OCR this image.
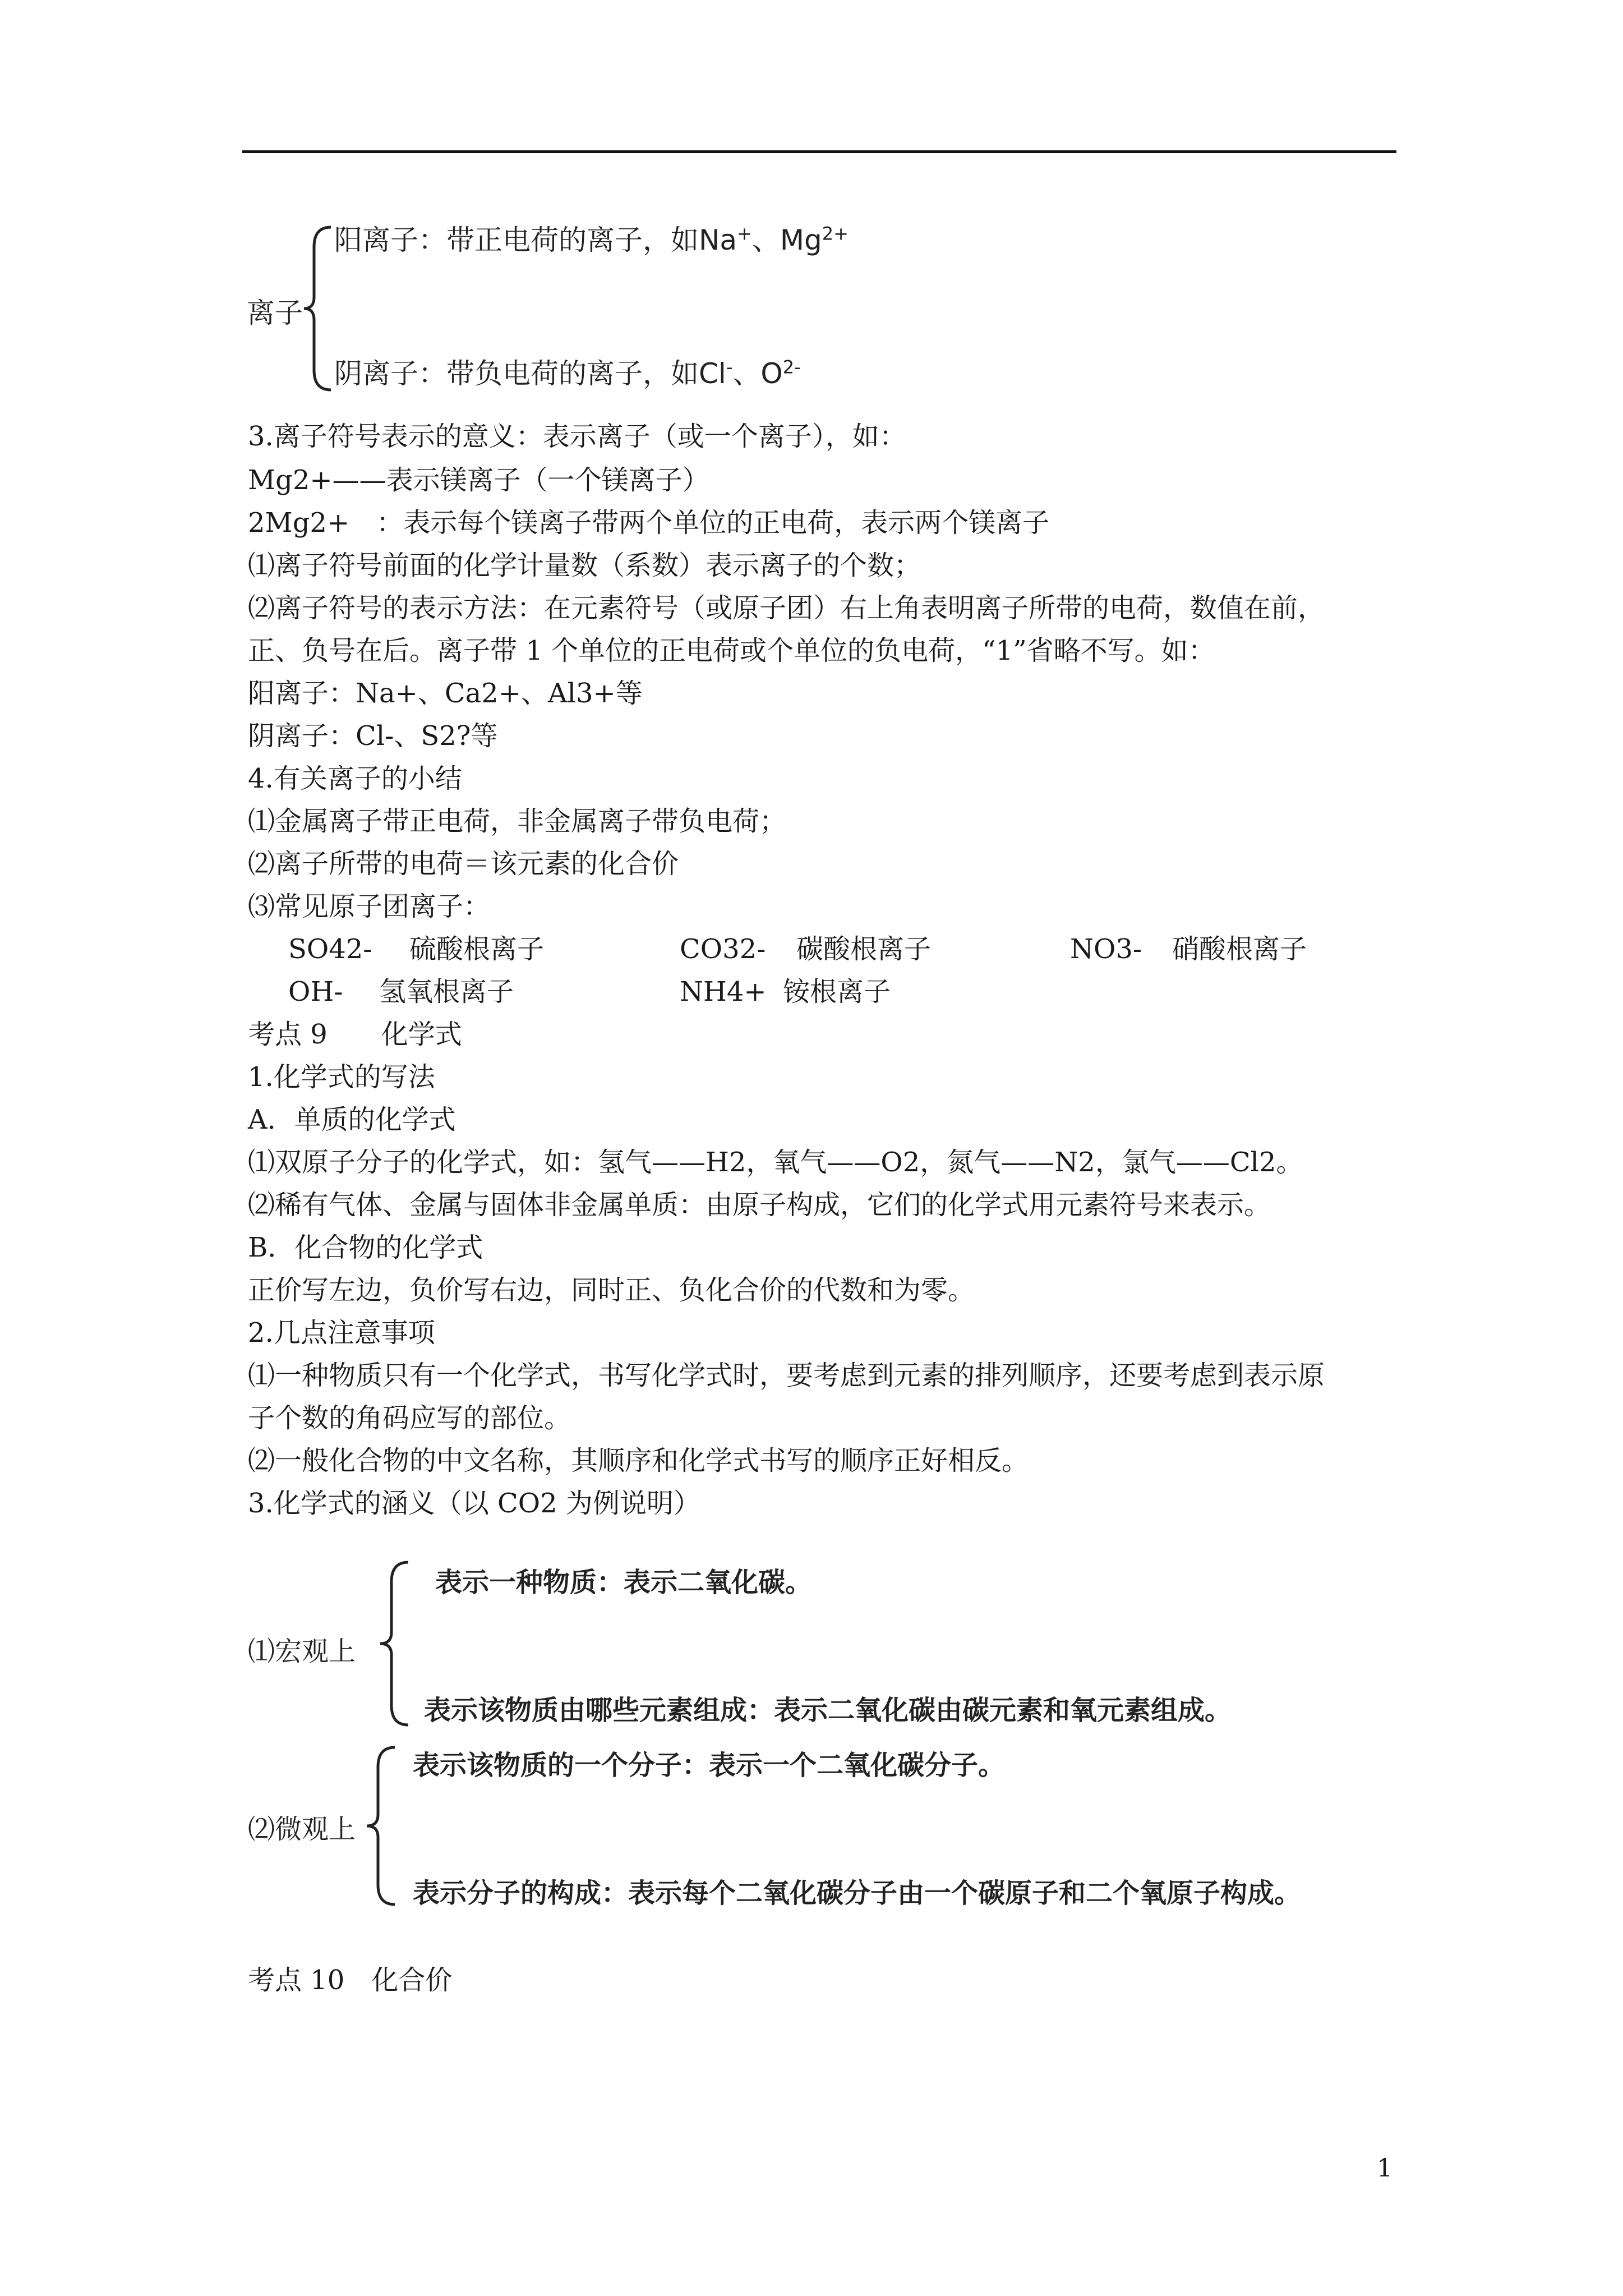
离子
阳离子：带正电荷的离子，如Na+、$Mg^{2+}$
阴离子：带负电荷的离子，如Cl-、$O^{2-}$
3.离子符号表示的意义：表示离子（或一个离子），如：
Mg2+——表示镁离子（一个镁离子）
2Mg2+　：表示每个镁离子带两个单位的正电荷，表示两个镁离子
⑴离子符号前面的化学计量数（系数）表示离子的个数；
⑵离子符号的表示方法：在元素符号（或原子团）右上角表明离子所带的电荷，数值在前，
正、负号在后。离子带 1 个单位的正电荷或个单位的负电荷，“1”省略不写。如：
阳离子：Na+、Ca2+、Al3+等
阴离子：Cl-、S2?等
4.有关离子的小结
⑴金属离子带正电荷，非金属离子带负电荷；
⑵离子所带的电荷＝该元素的化合价
⑶常见原子团离子：
SO42- 硫酸根离子	CO32- 碳酸根离子	NO3- 硝酸根离子
OH- 氢氧根离子	NH4+ 铵根离子
考点 9　　化学式
1.化学式的写法
A．单质的化学式
⑴双原子分子的化学式，如：氢气——H2，氧气——O2，氮气——N2，氯气——Cl2。
⑵稀有气体、金属与固体非金属单质：由原子构成，它们的化学式用元素符号来表示。
B．化合物的化学式
正价写左边，负价写右边，同时正、负化合价的代数和为零。
2.几点注意事项
⑴一种物质只有一个化学式，书写化学式时，要考虑到元素的排列顺序，还要考虑到表示原
子个数的角码应写的部位。
⑵一般化合物的中文名称，其顺序和化学式书写的顺序正好相反。
3.化学式的涵义（以 CO2 为例说明）
⑴宏观上
表示一种物质：表示二氧化碳。
表示该物质由哪些元素组成：表示二氧化碳由碳元素和氧元素组成。
⑵微观上
表示该物质的一个分子：表示一个二氧化碳分子。
表示分子的构成：表示每个二氧化碳分子由一个碳原子和二个氧原子构成。
考点 10　化合价
1
